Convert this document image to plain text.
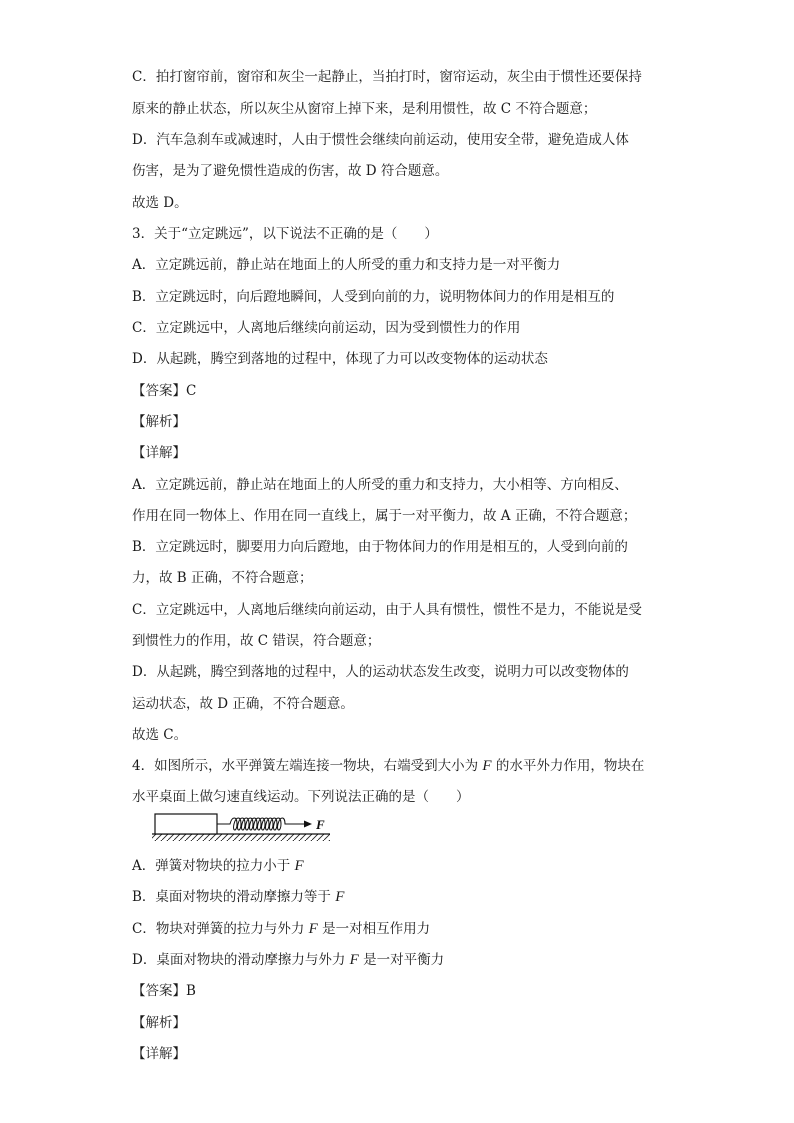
C．拍打窗帘前，窗帘和灰尘一起静止，当拍打时，窗帘运动，灰尘由于惯性还要保持
原来的静止状态，所以灰尘从窗帘上掉下来，是利用惯性，故 C 不符合题意；
D．汽车急刹车或减速时，人由于惯性会继续向前运动，使用安全带，避免造成人体
伤害，是为了避免惯性造成的伤害，故 D 符合题意。
故选 D。
3．关于“立定跳远”，以下说法不正确的是（　　）
A．立定跳远前，静止站在地面上的人所受的重力和支持力是一对平衡力
B．立定跳远时，向后蹬地瞬间，人受到向前的力，说明物体间力的作用是相互的
C．立定跳远中，人离地后继续向前运动，因为受到惯性力的作用
D．从起跳，腾空到落地的过程中，体现了力可以改变物体的运动状态
【答案】C
【解析】
【详解】
A．立定跳远前，静止站在地面上的人所受的重力和支持力，大小相等、方向相反、
作用在同一物体上、作用在同一直线上，属于一对平衡力，故 A 正确，不符合题意；
B．立定跳远时，脚要用力向后蹬地，由于物体间力的作用是相互的，人受到向前的
力，故 B 正确，不符合题意；
C．立定跳远中，人离地后继续向前运动，由于人具有惯性，惯性不是力，不能说是受
到惯性力的作用，故 C 错误，符合题意；
D．从起跳，腾空到落地的过程中，人的运动状态发生改变，说明力可以改变物体的
运动状态，故 D 正确，不符合题意。
故选 C。
4．如图所示，水平弹簧左端连接一物块，右端受到大小为 F 的水平外力作用，物块在
水平桌面上做匀速直线运动。下列说法正确的是（　　）
F
A．弹簧对物块的拉力小于 F
B．桌面对物块的滑动摩擦力等于 F
C．物块对弹簧的拉力与外力 F 是一对相互作用力
D．桌面对物块的滑动摩擦力与外力 F 是一对平衡力
【答案】B
【解析】
【详解】
